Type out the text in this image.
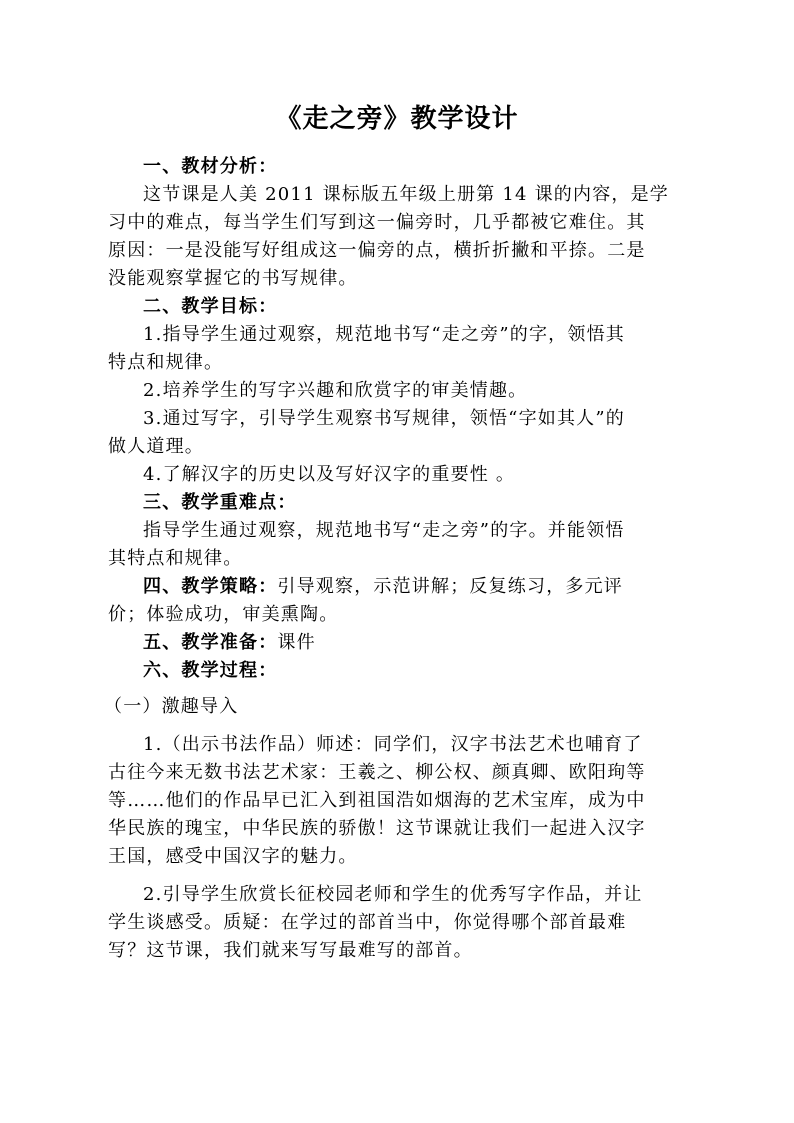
《走之旁》教学设计
一、教材分析：
这节课是人美 2011 课标版五年级上册第 14 课的内容，是学
习中的难点，每当学生们写到这一偏旁时，几乎都被它难住。其
原因：一是没能写好组成这一偏旁的点，横折折撇和平捺。二是
没能观察掌握它的书写规律。
二、教学目标：
1.指导学生通过观察，规范地书写“走之旁”的字，领悟其
特点和规律。
2.培养学生的写字兴趣和欣赏字的审美情趣。
3.通过写字，引导学生观察书写规律，领悟“字如其人”的
做人道理。
4.了解汉字的历史以及写好汉字的重要性 。
三、教学重难点：
指导学生通过观察，规范地书写“走之旁”的字。并能领悟
其特点和规律。
四、教学策略：引导观察，示范讲解；反复练习，多元评
价；体验成功，审美熏陶。
五、教学准备：课件
六、教学过程：
（一）激趣导入
1.（出示书法作品）师述：同学们，汉字书法艺术也哺育了
古往今来无数书法艺术家：王羲之、柳公权、颜真卿、欧阳珣等
等……他们的作品早已汇入到祖国浩如烟海的艺术宝库，成为中
华民族的瑰宝，中华民族的骄傲！这节课就让我们一起进入汉字
王国，感受中国汉字的魅力。
2.引导学生欣赏长征校园老师和学生的优秀写字作品，并让
学生谈感受。质疑：在学过的部首当中，你觉得哪个部首最难
写？这节课，我们就来写写最难写的部首。
